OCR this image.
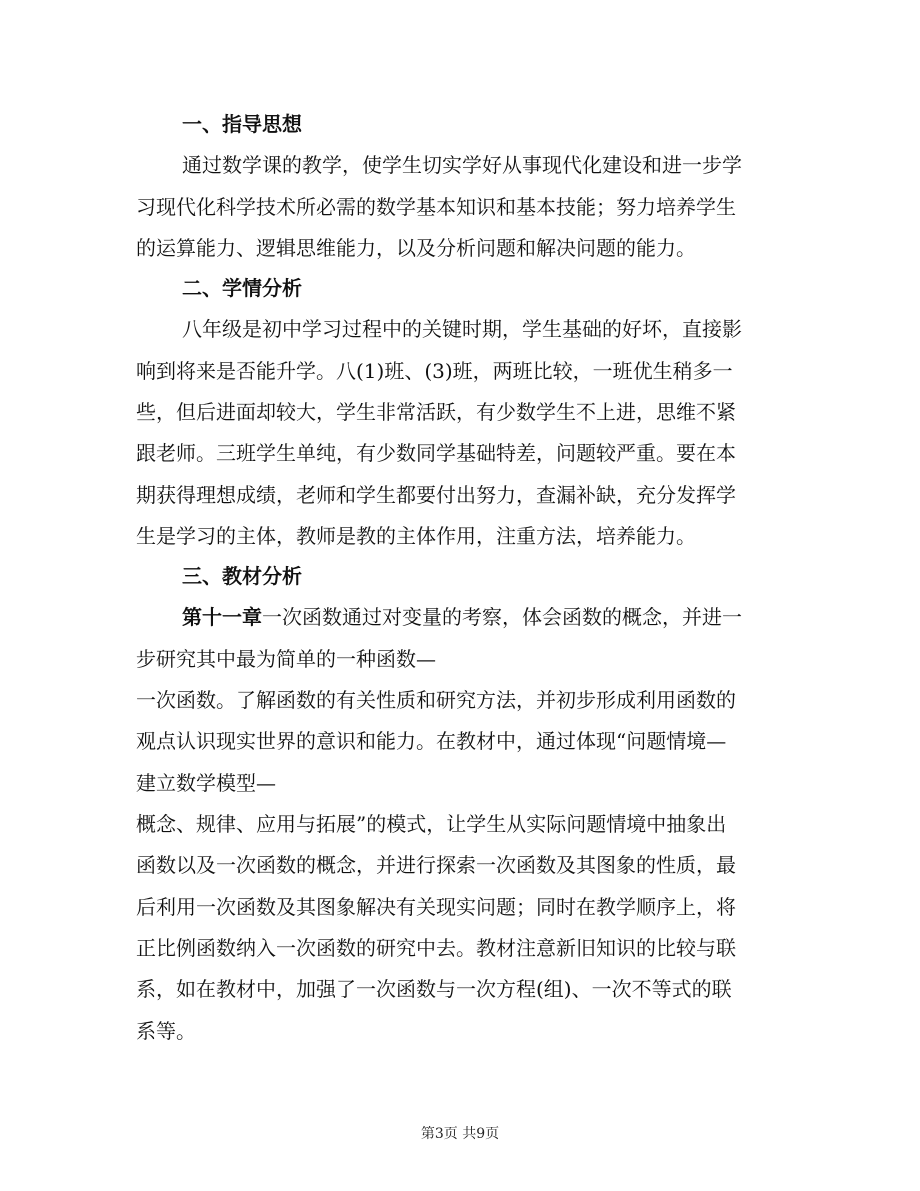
一、指导思想
通过数学课的教学，使学生切实学好从事现代化建设和进一步学
习现代化科学技术所必需的数学基本知识和基本技能；努力培养学生
的运算能力、逻辑思维能力，以及分析问题和解决问题的能力。
二、学情分析
八年级是初中学习过程中的关键时期，学生基础的好坏，直接影
响到将来是否能升学。八(1)班、(3)班，两班比较，一班优生稍多一
些，但后进面却较大，学生非常活跃，有少数学生不上进，思维不紧
跟老师。三班学生单纯，有少数同学基础特差，问题较严重。要在本
期获得理想成绩，老师和学生都要付出努力，查漏补缺，充分发挥学
生是学习的主体，教师是教的主体作用，注重方法，培养能力。
三、教材分析
第十一章一次函数通过对变量的考察，体会函数的概念，并进一
步研究其中最为简单的一种函数—
一次函数。了解函数的有关性质和研究方法，并初步形成利用函数的
观点认识现实世界的意识和能力。在教材中，通过体现“问题情境—
建立数学模型—
概念、规律、应用与拓展”的模式，让学生从实际问题情境中抽象出
函数以及一次函数的概念，并进行探索一次函数及其图象的性质，最
后利用一次函数及其图象解决有关现实问题；同时在教学顺序上，将
正比例函数纳入一次函数的研究中去。教材注意新旧知识的比较与联
系，如在教材中，加强了一次函数与一次方程(组)、一次不等式的联
系等。
第3页 共9页
